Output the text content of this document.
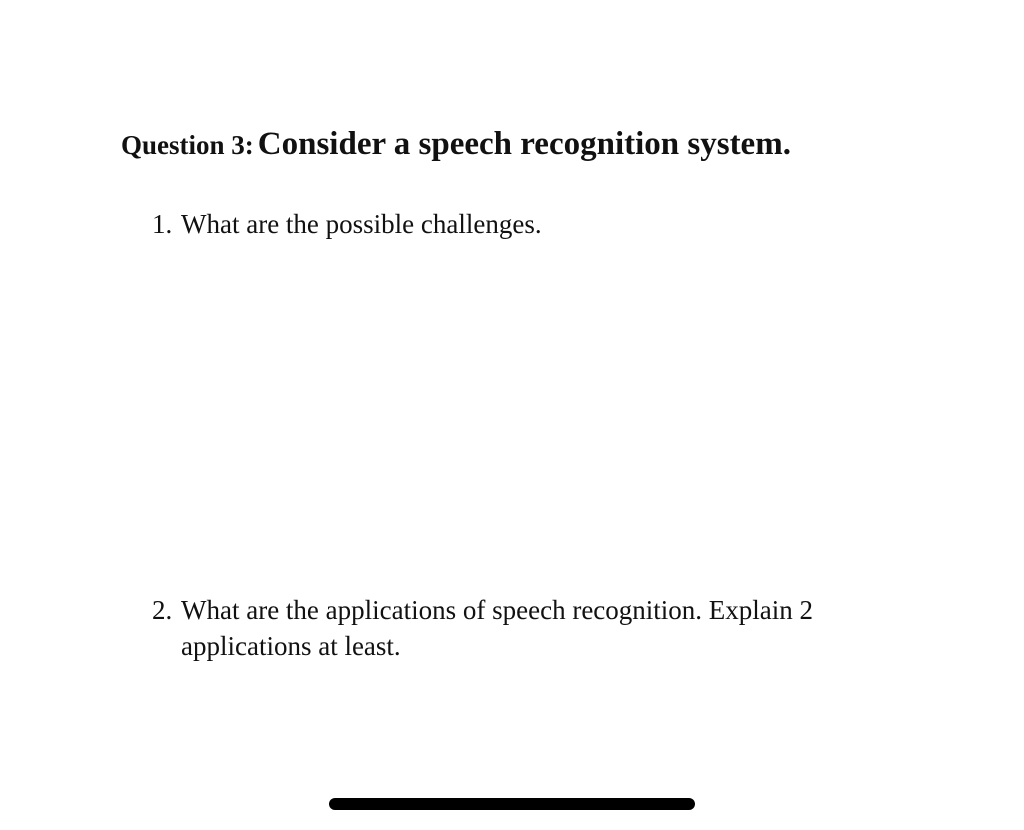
Question 3: Consider a speech recognition system.
1. What are the possible challenges.
2. What are the applications of speech recognition. Explain 2 applications at least.
